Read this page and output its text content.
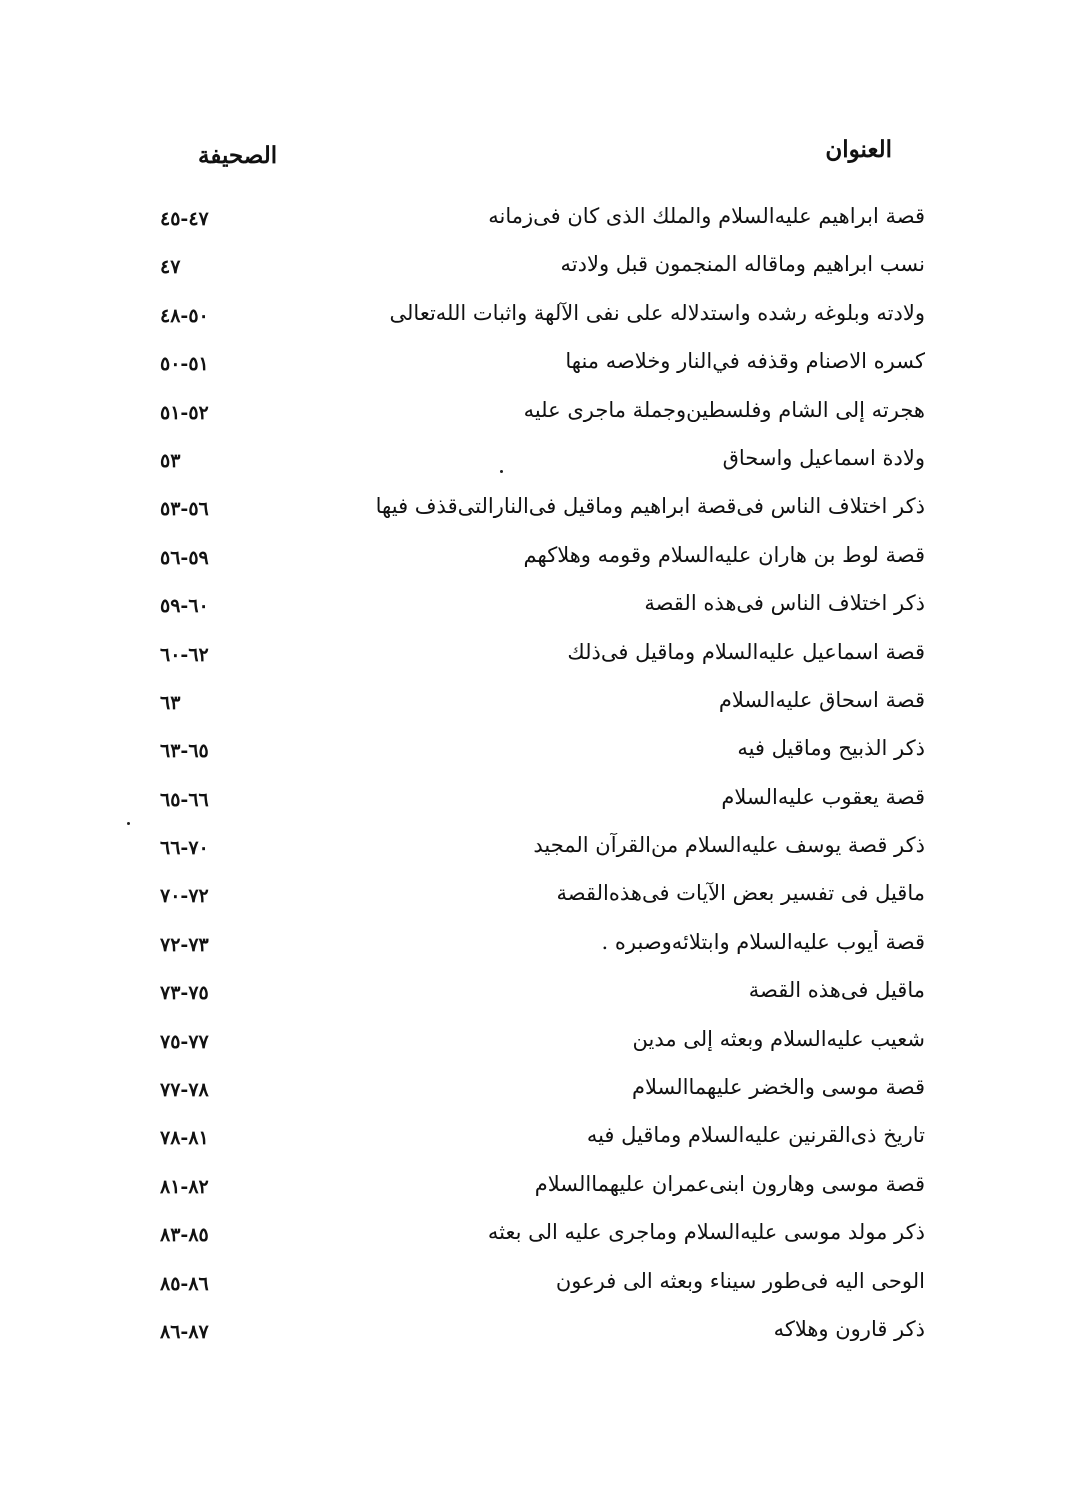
العنوان
الصحيفة
قصة ابراهيم عليه‌السلام والملك الذى كان فى‌زمانه
٤٧-٤٥
نسب ابراهيم وماقاله المنجمون قبل ولادته
٤٧
ولادته وبلوغه رشده واستدلاله على نفى الآلهة واثبات الله‌تعالى
٥٠-٤٨
كسره الاصنام وقذفه في‌النار وخلاصه منها
٥١-٥٠
هجرته إلى الشام وفلسطين‌وجملة ماجرى عليه
٥٢-٥١
ولادة اسماعيل واسحاق
٥٣
ذكر اختلاف الناس فى‌قصة ابراهيم وماقيل فى‌النارالتى‌قذف فيها
٥٦-٥٣
قصة لوط بن هاران عليه‌السلام وقومه وهلاكهم
٥٩-٥٦
ذكر اختلاف الناس فى‌هذه القصة
٦٠-٥٩
قصة اسماعيل عليه‌السلام وماقيل فى‌ذلك
٦٢-٦٠
قصة اسحاق عليه‌السلام
٦٣
ذكر الذبيح وماقيل فيه
٦٥-٦٣
قصة يعقوب عليه‌السلام
٦٦-٦٥
ذكر قصة يوسف عليه‌السلام من‌القرآن المجيد
٧٠-٦٦
ماقيل فى تفسير بعض الآيات فى‌هذه‌القصة
٧٢-٧٠
قصة أيوب عليه‌السلام وابتلائه‌وصبره .
٧٣-٧٢
ماقيل فى‌هذه القصة
٧٥-٧٣
شعيب عليه‌السلام وبعثه إلى مدين
٧٧-٧٥
قصة موسى والخضر عليهماالسلام
٧٨-٧٧
تاريخ ذى‌القرنين عليه‌السلام وماقيل فيه
٨١-٧٨
قصة موسى وهارون ابنى‌عمران عليهماالسلام
٨٢-٨١
ذكر مولد موسى عليه‌السلام وماجرى عليه الى بعثه
٨٥-٨٣
الوحى اليه فى‌طور سيناء وبعثه الى فرعون
٨٦-٨٥
ذكر قارون وهلاكه
٨٧-٨٦
